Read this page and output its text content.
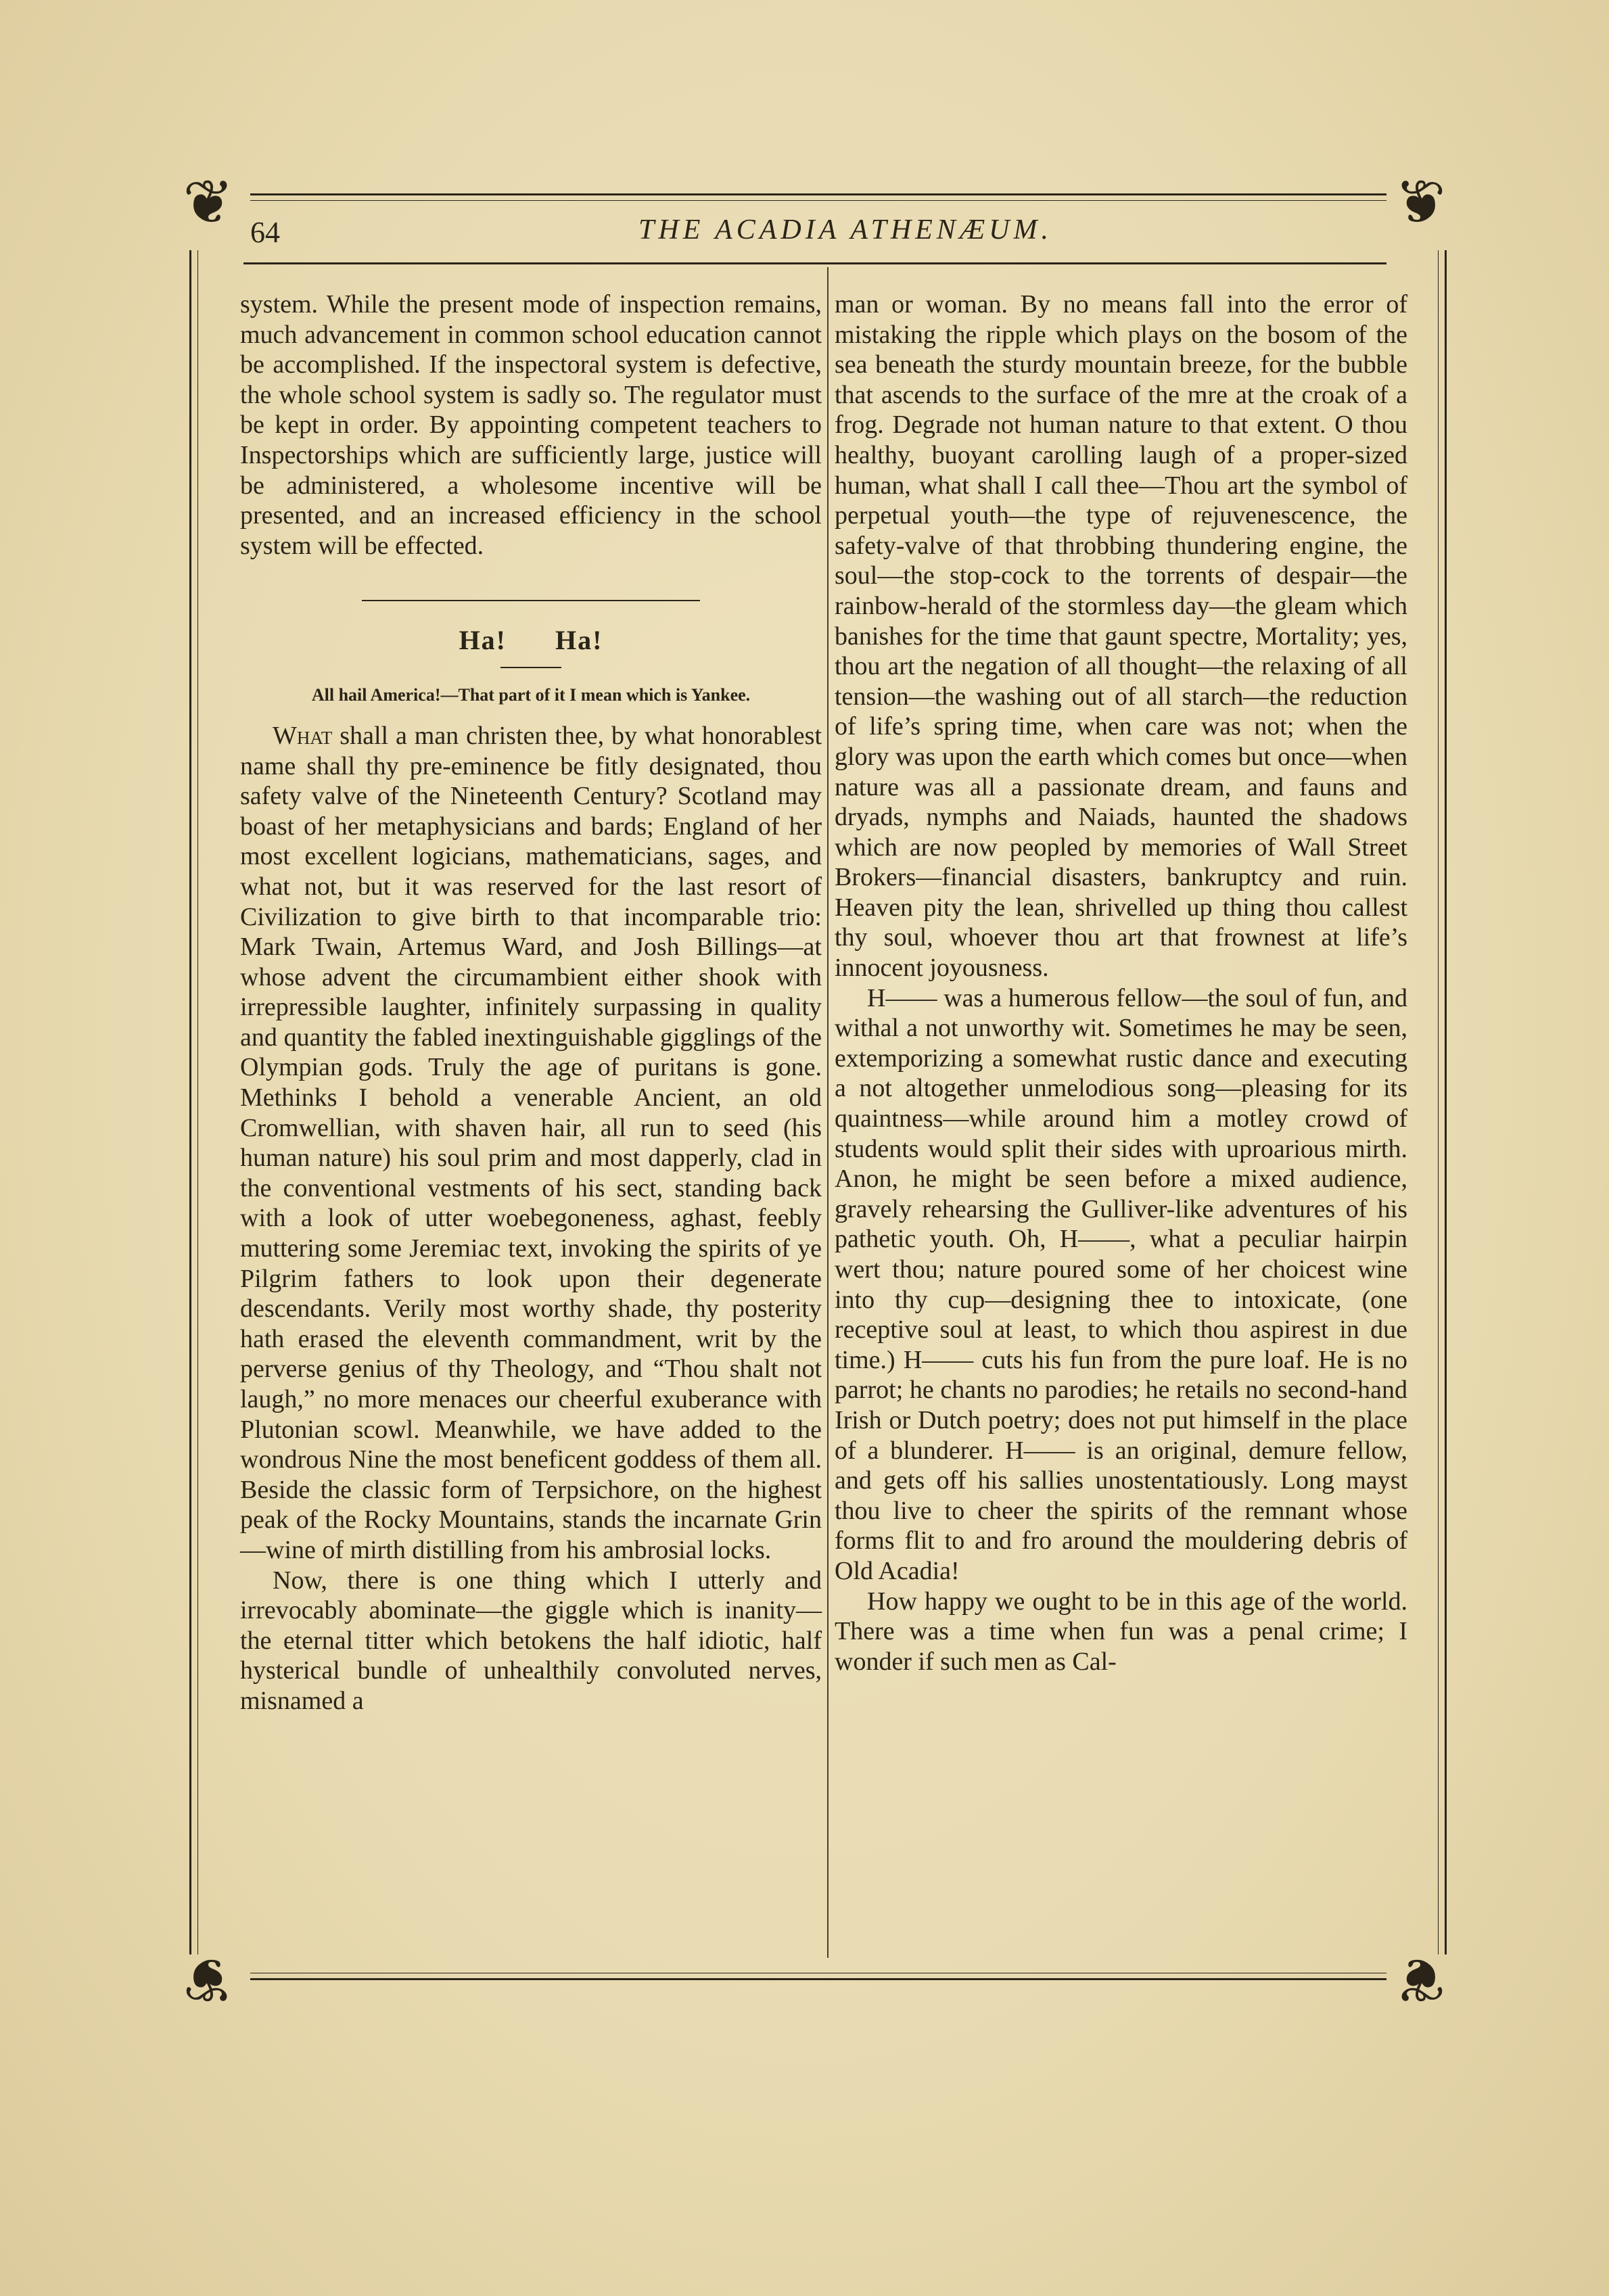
❦	❦
❦	❦
64	THE ACADIA ATHENÆUM.

system. While the present mode of inspection remains, much advancement in common school education cannot be accomplished. If the inspectoral system is defective, the whole school system is sadly so. The regulator must be kept in order. By appointing competent teachers to Inspectorships which are sufficiently large, justice will be administered, a wholesome incentive will be presented, and an increased efficiency in the school system will be effected.

Ha! Ha!

All hail America!—That part of it I mean which is Yankee.

What shall a man christen thee, by what honorablest name shall thy pre-eminence be fitly designated, thou safety valve of the Nineteenth Century? Scotland may boast of her metaphysicians and bards; England of her most excellent logicians, mathematicians, sages, and what not, but it was reserved for the last resort of Civilization to give birth to that incomparable trio: Mark Twain, Artemus Ward, and Josh Billings—at whose advent the circumambient either shook with irrepressible laughter, infinitely surpassing in quality and quantity the fabled inextinguishable gigglings of the Olympian gods. Truly the age of puritans is gone. Methinks I behold a venerable Ancient, an old Cromwellian, with shaven hair, all run to seed (his human nature) his soul prim and most dapperly, clad in the conventional vestments of his sect, standing back with a look of utter woebegoneness, aghast, feebly muttering some Jeremiac text, invoking the spirits of ye Pilgrim fathers to look upon their degenerate descendants. Verily most worthy shade, thy posterity hath erased the eleventh commandment, writ by the perverse genius of thy Theology, and “Thou shalt not laugh,” no more menaces our cheerful exuberance with Plutonian scowl. Meanwhile, we have added to the wondrous Nine the most beneficent goddess of them all. Beside the classic form of Terpsichore, on the highest peak of the Rocky Mountains, stands the incarnate Grin—wine of mirth distilling from his ambrosial locks.

Now, there is one thing which I utterly and irrevocably abominate—the giggle which is inanity—the eternal titter which betokens the half idiotic, half hysterical bundle of unhealthily convoluted nerves, misnamed a

man or woman. By no means fall into the error of mistaking the ripple which plays on the bosom of the sea beneath the sturdy mountain breeze, for the bubble that ascends to the surface of the mre at the croak of a frog. Degrade not human nature to that extent. O thou healthy, buoyant carolling laugh of a proper-sized human, what shall I call thee—Thou art the symbol of perpetual youth—the type of rejuvenescence, the safety-valve of that throbbing thundering engine, the soul—the stop-cock to the torrents of despair—the rainbow-herald of the stormless day—the gleam which banishes for the time that gaunt spectre, Mortality; yes, thou art the negation of all thought—the relaxing of all tension—the washing out of all starch—the reduction of life’s spring time, when care was not; when the glory was upon the earth which comes but once—when nature was all a passionate dream, and fauns and dryads, nymphs and Naiads, haunted the shadows which are now peopled by memories of Wall Street Brokers—financial disasters, bankruptcy and ruin. Heaven pity the lean, shrivelled up thing thou callest thy soul, whoever thou art that frownest at life’s innocent joyousness.

H—— was a humerous fellow—the soul of fun, and withal a not unworthy wit. Sometimes he may be seen, extemporizing a somewhat rustic dance and executing a not altogether unmelodious song—pleasing for its quaintness—while around him a motley crowd of students would split their sides with uproarious mirth. Anon, he might be seen before a mixed audience, gravely rehearsing the Gulliver-like adventures of his pathetic youth. Oh, H——, what a peculiar hairpin wert thou; nature poured some of her choicest wine into thy cup—designing thee to intoxicate, (one receptive soul at least, to which thou aspirest in due time.) H—— cuts his fun from the pure loaf. He is no parrot; he chants no parodies; he retails no second-hand Irish or Dutch poetry; does not put himself in the place of a blunderer. H—— is an original, demure fellow, and gets off his sallies unostentatiously. Long mayst thou live to cheer the spirits of the remnant whose forms flit to and fro around the mouldering debris of Old Acadia!

How happy we ought to be in this age of the world. There was a time when fun was a penal crime; I wonder if such men as Cal-
